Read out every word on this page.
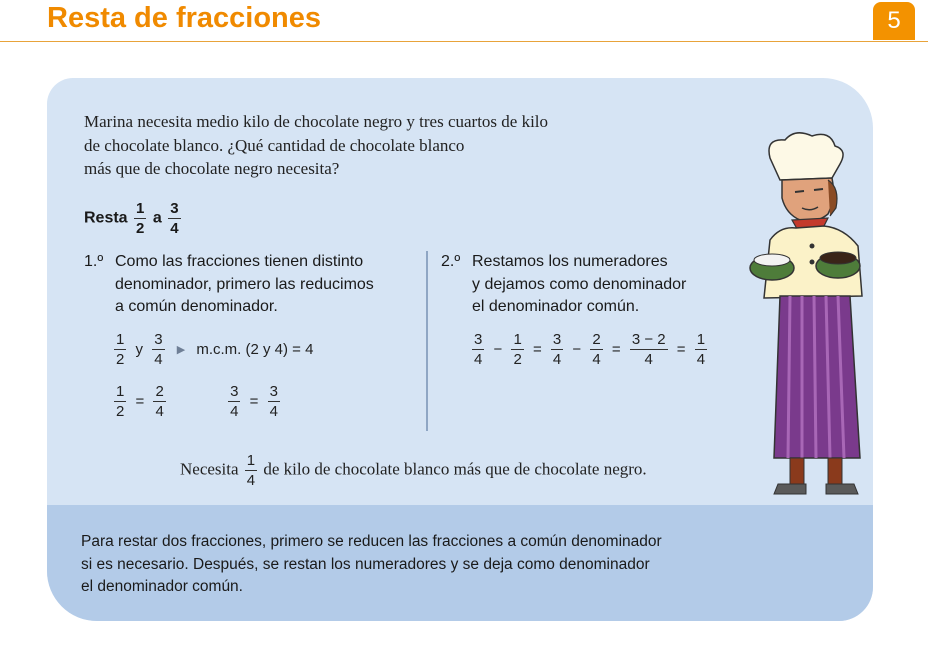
Resta de fracciones	5
Para restar dos fracciones, primero se reducen las fracciones a común denominador
si es necesario. Después, se restan los numeradores y se deja como denominador
el denominador común.
Marina necesita medio kilo de chocolate negro y tres cuartos de kilo
de chocolate blanco. ¿Qué cantidad de chocolate blanco
más que de chocolate negro necesita?
Resta $\frac{1}{2}$ a $\frac{3}{4}$
1.º Como las fracciones tienen distinto
denominador, primero las reducimos
a común denominador.
$\frac{1}{2}$ y $\frac{3}{4}$ ▶ m.c.m. (2 y 4) = 4
$\frac{1}{2} = \frac{2}{4}$
	$\frac{3}{4} = \frac{3}{4}$
2.º Restamos los numeradores
y dejamos como denominador
el denominador común.
$\frac{3}{4} - \frac{1}{2} = \frac{3}{4} - \frac{2}{4} = \frac{3 - 2}{4} = \frac{1}{4}$
Necesita $\frac{1}{4}$ de kilo de chocolate blanco más que de chocolate negro.
